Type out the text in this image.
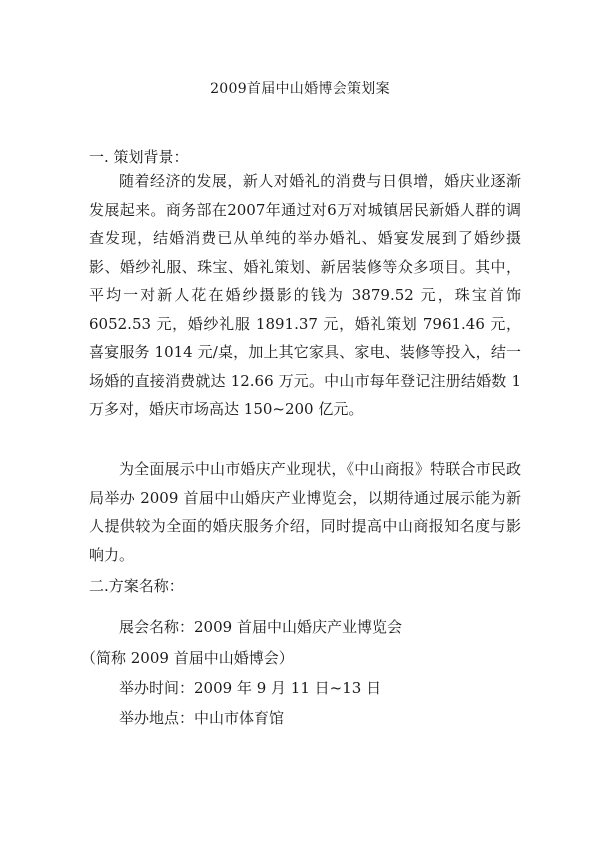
2009首届中山婚博会策划案
一. 策划背景：

随着经济的发展，新人对婚礼的消费与日俱增，婚庆业逐渐发展起来。商务部在2007年通过对6万对城镇居民新婚人群的调查发现，结婚消费已从单纯的举办婚礼、婚宴发展到了婚纱摄影、婚纱礼服、珠宝、婚礼策划、新居装修等众多项目。其中，平均一对新人花在婚纱摄影的钱为 3879.52 元，珠宝首饰 6052.53 元，婚纱礼服 1891.37 元，婚礼策划 7961.46 元，喜宴服务 1014 元/桌，加上其它家具、家电、装修等投入，结一场婚的直接消费就达 12.66 万元。中山市每年登记注册结婚数 1 万多对，婚庆市场高达 150~200 亿元。

为全面展示中山市婚庆产业现状，《中山商报》特联合市民政局举办 2009 首届中山婚庆产业博览会，以期待通过展示能为新人提供较为全面的婚庆服务介绍，同时提高中山商报知名度与影响力。

二.方案名称：
展会名称：2009 首届中山婚庆产业博览会
（简称 2009 首届中山婚博会）
举办时间：2009 年 9 月 11 日~13 日
举办地点：中山市体育馆
